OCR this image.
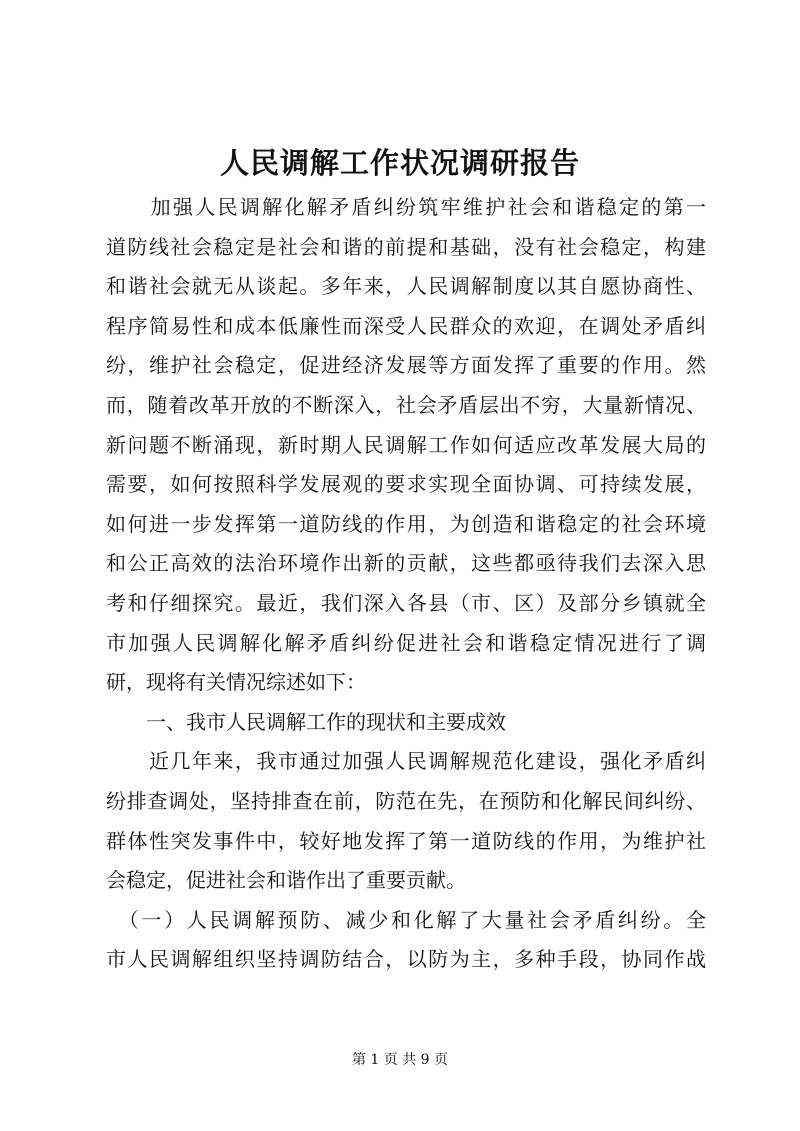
人民调解工作状况调研报告
　　加强人民调解化解矛盾纠纷筑牢维护社会和谐稳定的第一
道防线社会稳定是社会和谐的前提和基础，没有社会稳定，构建
和谐社会就无从谈起。多年来，人民调解制度以其自愿协商性、
程序简易性和成本低廉性而深受人民群众的欢迎，在调处矛盾纠
纷，维护社会稳定，促进经济发展等方面发挥了重要的作用。然
而，随着改革开放的不断深入，社会矛盾层出不穷，大量新情况、
新问题不断涌现，新时期人民调解工作如何适应改革发展大局的
需要，如何按照科学发展观的要求实现全面协调、可持续发展，
如何进一步发挥第一道防线的作用，为创造和谐稳定的社会环境
和公正高效的法治环境作出新的贡献，这些都亟待我们去深入思
考和仔细探究。最近，我们深入各县（市、区）及部分乡镇就全
市加强人民调解化解矛盾纠纷促进社会和谐稳定情况进行了调
研，现将有关情况综述如下：
　　一、我市人民调解工作的现状和主要成效
　　近几年来，我市通过加强人民调解规范化建设，强化矛盾纠
纷排查调处，坚持排查在前，防范在先，在预防和化解民间纠纷、
群体性突发事件中，较好地发挥了第一道防线的作用，为维护社
会稳定，促进社会和谐作出了重要贡献。
　（一）人民调解预防、减少和化解了大量社会矛盾纠纷。全
市人民调解组织坚持调防结合，以防为主，多种手段，协同作战
第 1 页 共 9 页
